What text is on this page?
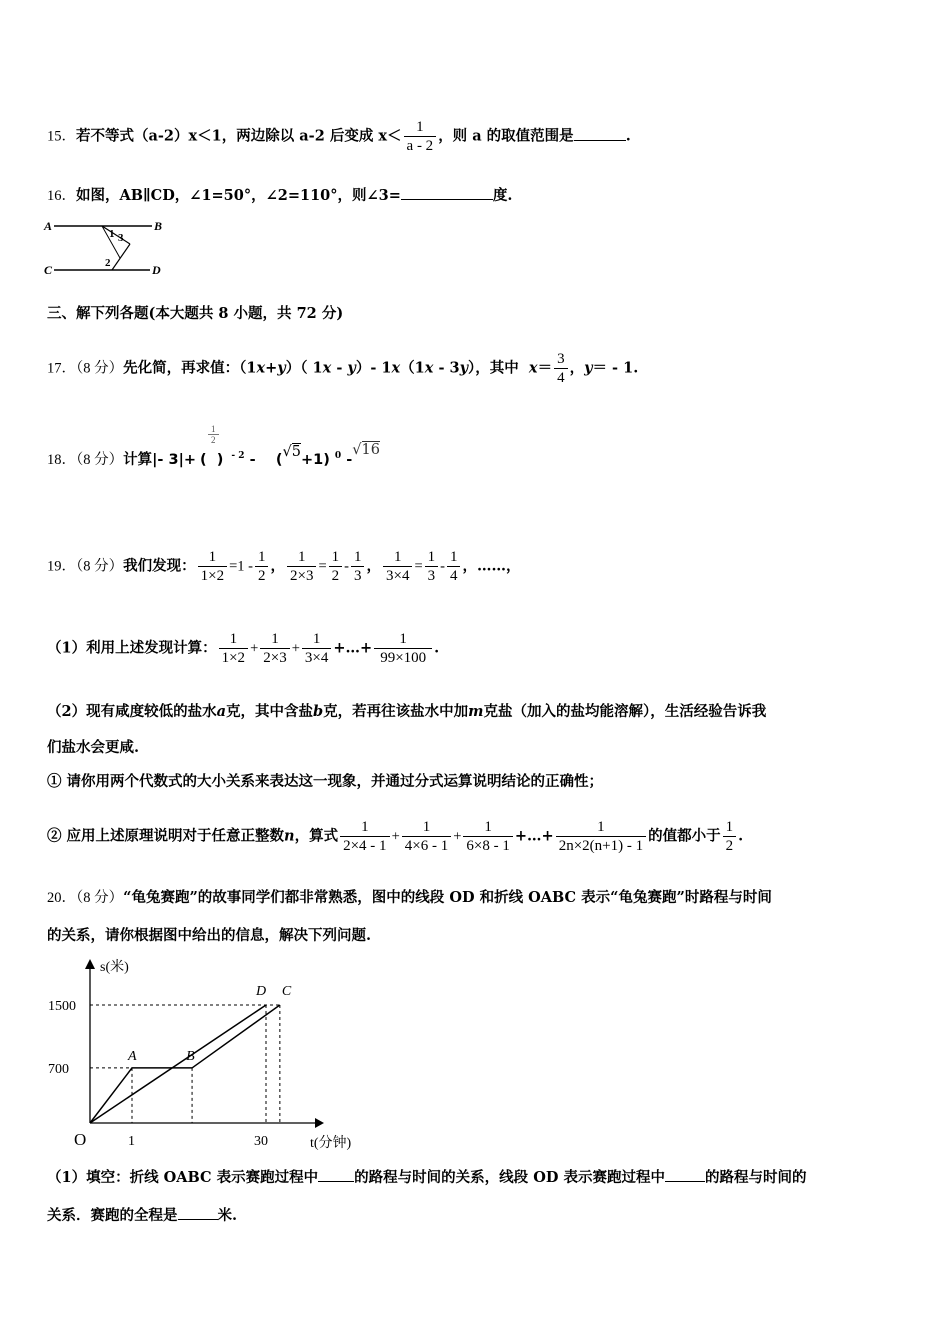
15．若不等式（a-2）x＜1，两边除以 a-2 后变成 $x< \frac{1}{a - 2}$ ，则 a 的取值范围是	.
16．如图，AB∥CD，∠1=50°，∠2=110°，则∠3=	度.
A	B
C	D
1 3
2
三、解下列各题(本大题共 8 小题，共 72 分)
17．（8 分）先化简，再求值：（1x+y）（ 1x - y）- 1x（1x - 3y），其中 $x= \frac{3}{4}$ ，y＝ - 1.
18．（8 分）计算|- 3|+ (
$\frac{1}{2}$
) $^{- 2}$ - (√5+1) $^0$ -√16
19．（8 分）我们发现： $\frac{1}{1\times 2} =1 - \frac{1}{2}$ ， $\frac{1}{2\times 3} = \frac{1}{2} - \frac{1}{3}$ ， $\frac{1}{3\times 4} = \frac{1}{3} - \frac{1}{4}$ ，……，
（1）利用上述发现计算： $\frac{1}{1\times 2} + \frac{1}{2\times 3} + \frac{1}{3\times 4}$ +…+ $\frac{1}{99\times 100}$ .
（2）现有咸度较低的盐水a克，其中含盐b克，若再往该盐水中加m克盐（加入的盐均能溶解），生活经验告诉我
们盐水会更咸.
① 请你用两个代数式的大小关系来表达这一现象，并通过分式运算说明结论的正确性；
② 应用上述原理说明对于任意正整数n，算式 $\frac{1}{2\times 4 - 1} + \frac{1}{4\times 6 - 1} + \frac{1}{6\times 8 - 1}$ +…+ $\frac{1}{2n\times 2(n+1) - 1}$ 的值都小于 $\frac{1}{2}$ .
20．（8 分）“龟兔赛跑”的故事同学们都非常熟悉，图中的线段 OD 和折线 OABC 表示“龟兔赛跑”时路程与时间
的关系，请你根据图中给出的信息，解决下列问题.
s(米)
t(分钟)
O
700
1500
1	30
A	B
C
D
（1）填空：折线 OABC 表示赛跑过程中 的路程与时间的关系，线段 OD 表示赛跑过程中	的路程与时间的
关系．赛跑的全程是	米.
